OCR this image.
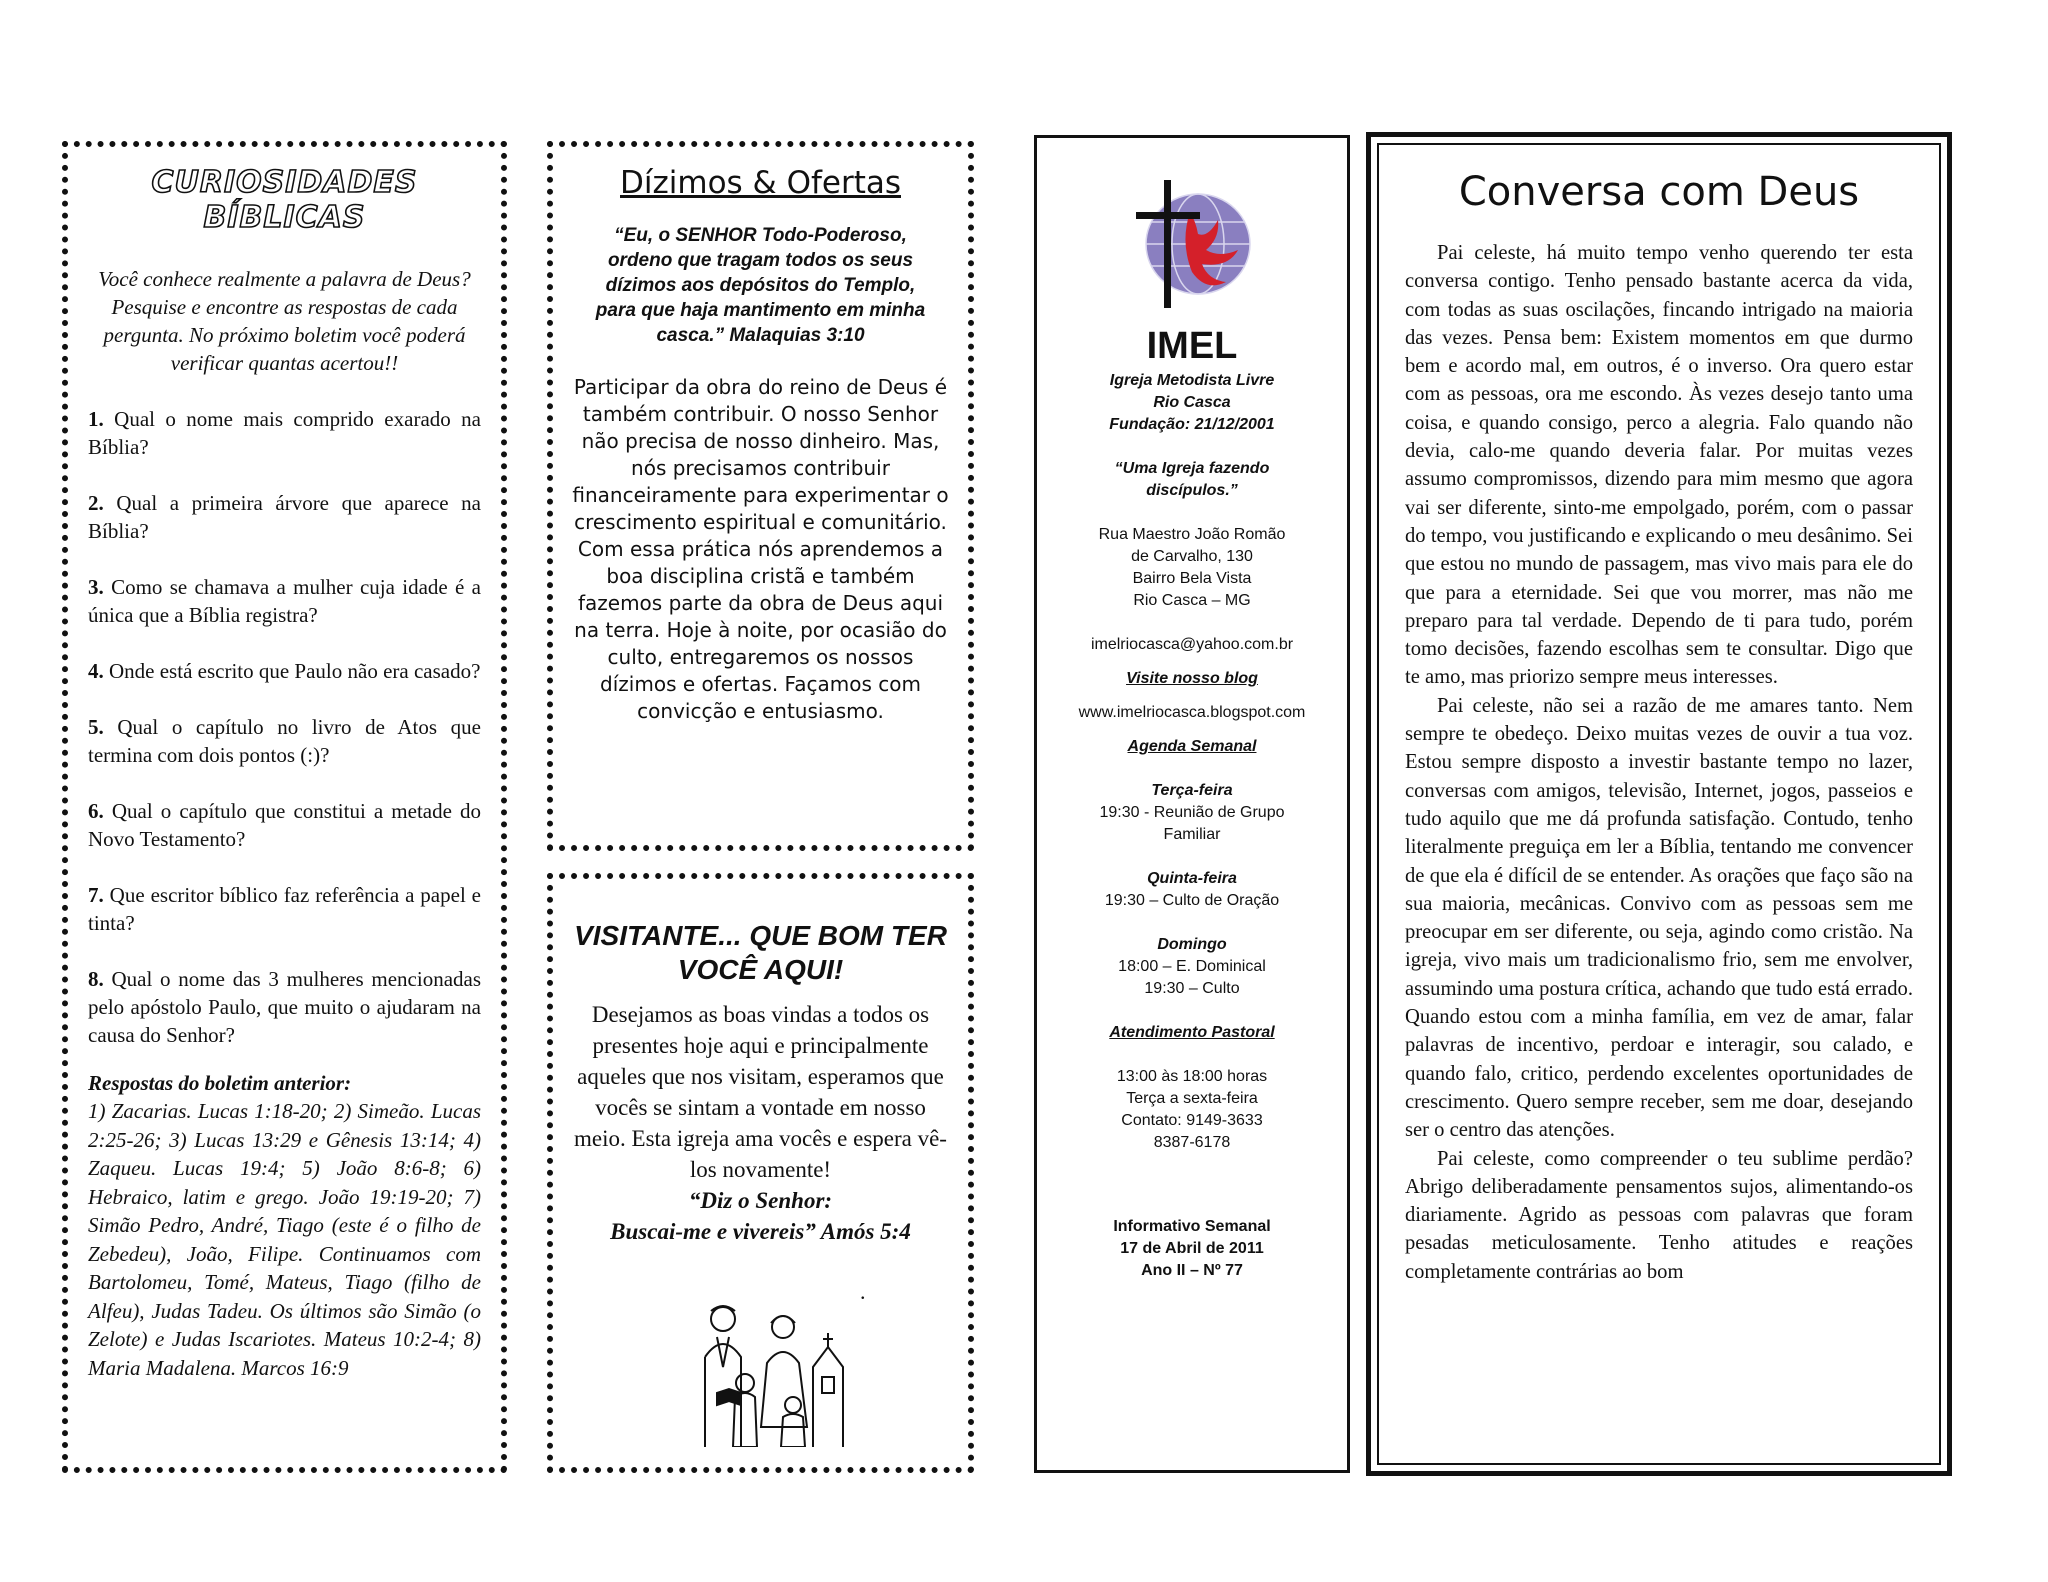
CURIOSIDADES BÍBLICAS
Você conhece realmente a palavra de Deus? Pesquise e encontre as respostas de cada pergunta. No próximo boletim você poderá verificar quantas acertou!!
1. Qual o nome mais comprido exarado na Bíblia?
2. Qual a primeira árvore que aparece na Bíblia?
3. Como se chamava a mulher cuja idade é a única que a Bíblia registra?
4. Onde está escrito que Paulo não era casado?
5. Qual o capítulo no livro de Atos que termina com dois pontos (:)?
6. Qual o capítulo que constitui a metade do Novo Testamento?
7. Que escritor bíblico faz referência a papel e tinta?
8. Qual o nome das 3 mulheres mencionadas pelo apóstolo Paulo, que muito o ajudaram na causa do Senhor?
Respostas do boletim anterior:
1) Zacarias. Lucas 1:18-20; 2) Simeão. Lucas 2:25-26; 3) Lucas 13:29 e Gênesis 13:14; 4) Zaqueu. Lucas 19:4; 5) João 8:6-8; 6) Hebraico, latim e grego. João 19:19-20; 7) Simão Pedro, André, Tiago (este é o filho de Zebedeu), João, Filipe. Continuamos com Bartolomeu, Tomé, Mateus, Tiago (filho de Alfeu), Judas Tadeu. Os últimos são Simão (o Zelote) e Judas Iscariotes. Mateus 10:2-4; 8) Maria Madalena. Marcos 16:9
Dízimos & Ofertas
“Eu, o SENHOR Todo-Poderoso, ordeno que tragam todos os seus dízimos aos depósitos do Templo, para que haja mantimento em minha casca.” Malaquias 3:10
Participar da obra do reino de Deus é também contribuir. O nosso Senhor não precisa de nosso dinheiro. Mas, nós precisamos contribuir financeiramente para experimentar o crescimento espiritual e comunitário. Com essa prática nós aprendemos a boa disciplina cristã e também fazemos parte da obra de Deus aqui na terra. Hoje à noite, por ocasião do culto, entregaremos os nossos dízimos e ofertas. Façamos com convicção e entusiasmo.
VISITANTE... QUE BOM TER VOCÊ AQUI!
Desejamos as boas vindas a todos os presentes hoje aqui e principalmente aqueles que nos visitam, esperamos que vocês se sintam a vontade em nosso meio. Esta igreja ama vocês e espera vê-los novamente!
“Diz o Senhor:
Buscai-me e vivereis” Amós 5:4
.
IMEL
Igreja Metodista Livre
Rio Casca
Fundação: 21/12/2001
“Uma Igreja fazendo discípulos.”
Rua Maestro João Romão
de Carvalho, 130
Bairro Bela Vista
Rio Casca – MG
imelriocasca@yahoo.com.br
Visite nosso blog
www.imelriocasca.blogspot.com
Agenda Semanal
Terça-feira
19:30 - Reunião de Grupo Familiar
Quinta-feira
19:30 – Culto de Oração
Domingo
18:00 – E. Dominical
19:30 – Culto
Atendimento Pastoral
13:00 às 18:00 horas
Terça a sexta-feira
Contato: 9149-3633
8387-6178
Informativo Semanal
17 de Abril de 2011
Ano II – Nº 77
Conversa com Deus

Pai celeste, há muito tempo venho querendo ter esta conversa contigo. Tenho pensado bastante acerca da vida, com todas as suas oscilações, fincando intrigado na maioria das vezes. Pensa bem: Existem momentos em que durmo bem e acordo mal, em outros, é o inverso. Ora quero estar com as pessoas, ora me escondo. Às vezes desejo tanto uma coisa, e quando consigo, perco a alegria. Falo quando não devia, calo-me quando deveria falar. Por muitas vezes assumo compromissos, dizendo para mim mesmo que agora vai ser diferente, sinto-me empolgado, porém, com o passar do tempo, vou justificando e explicando o meu desânimo. Sei que estou no mundo de passagem, mas vivo mais para ele do que para a eternidade. Sei que vou morrer, mas não me preparo para tal verdade. Dependo de ti para tudo, porém tomo decisões, fazendo escolhas sem te consultar. Digo que te amo, mas priorizo sempre meus interesses.

Pai celeste, não sei a razão de me amares tanto. Nem sempre te obedeço. Deixo muitas vezes de ouvir a tua voz. Estou sempre disposto a investir bastante tempo no lazer, conversas com amigos, televisão, Internet, jogos, passeios e tudo aquilo que me dá profunda satisfação. Contudo, tenho literalmente preguiça em ler a Bíblia, tentando me convencer de que ela é difícil de se entender. As orações que faço são na sua maioria, mecânicas. Convivo com as pessoas sem me preocupar em ser diferente, ou seja, agindo como cristão. Na igreja, vivo mais um tradicionalismo frio, sem me envolver, assumindo uma postura crítica, achando que tudo está errado. Quando estou com a minha família, em vez de amar, falar palavras de incentivo, perdoar e interagir, sou calado, e quando falo, critico, perdendo excelentes oportunidades de crescimento. Quero sempre receber, sem me doar, desejando ser o centro das atenções.

Pai celeste, como compreender o teu sublime perdão? Abrigo deliberadamente pensamentos sujos, alimentando-os diariamente. Agrido as pessoas com palavras que foram pesadas meticulosamente. Tenho atitudes e reações completamente contrárias ao bom
